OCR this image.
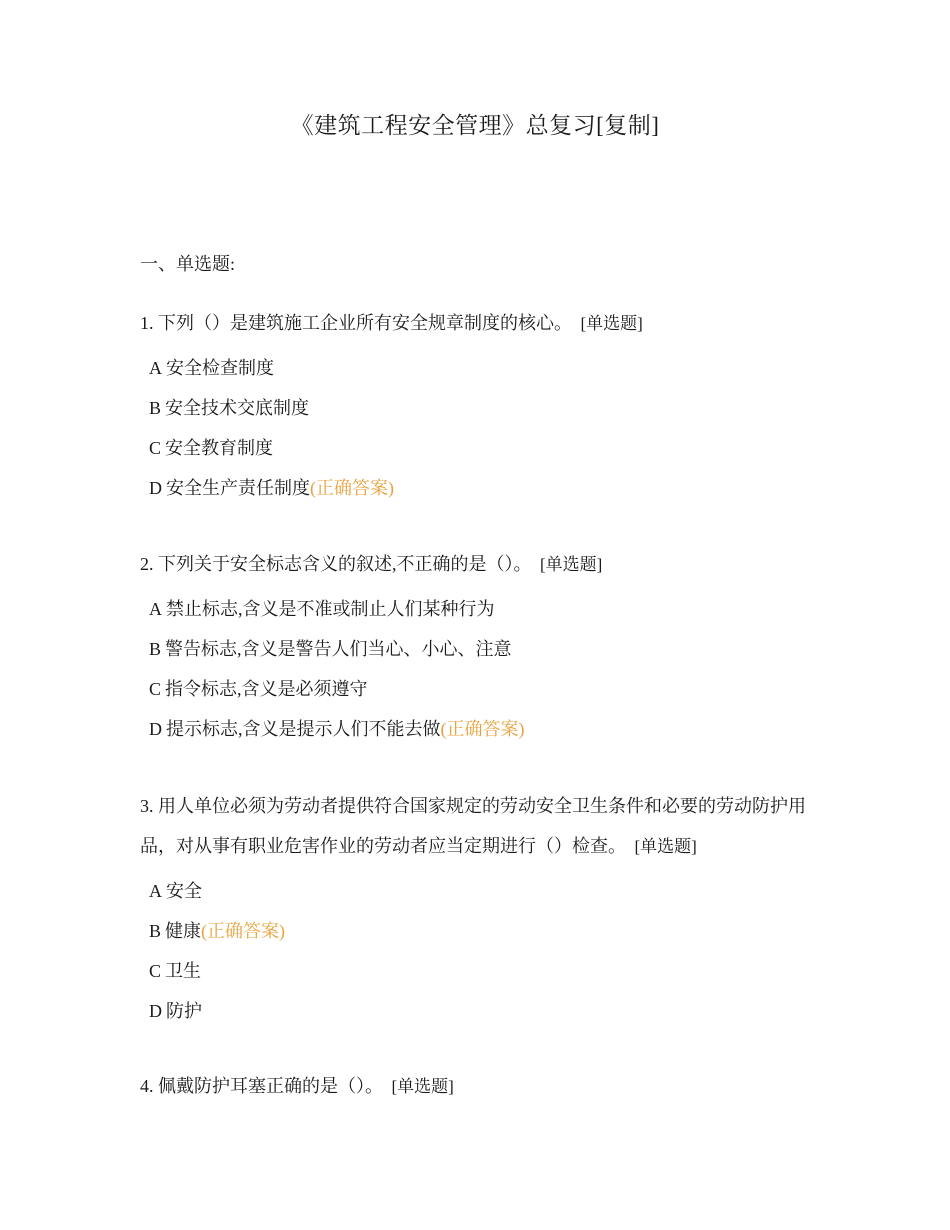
《建筑工程安全管理》总复习[复制]
一、单选题:

1. 下列（）是建筑施工企业所有安全规章制度的核心。 [单选题]

A 安全检查制度
B 安全技术交底制度
C 安全教育制度
D 安全生产责任制度(正确答案)

2. 下列关于安全标志含义的叙述,不正确的是（）。 [单选题]

A 禁止标志,含义是不准或制止人们某种行为
B 警告标志,含义是警告人们当心、小心、注意
C 指令标志,含义是必须遵守
D 提示标志,含义是提示人们不能去做(正确答案)

3. 用人单位必须为劳动者提供符合国家规定的劳动安全卫生条件和必要的劳动防护用品，对从事有职业危害作业的劳动者应当定期进行（）检查。 [单选题]

A 安全
B 健康(正确答案)
C 卫生
D 防护

4. 佩戴防护耳塞正确的是（）。 [单选题]
